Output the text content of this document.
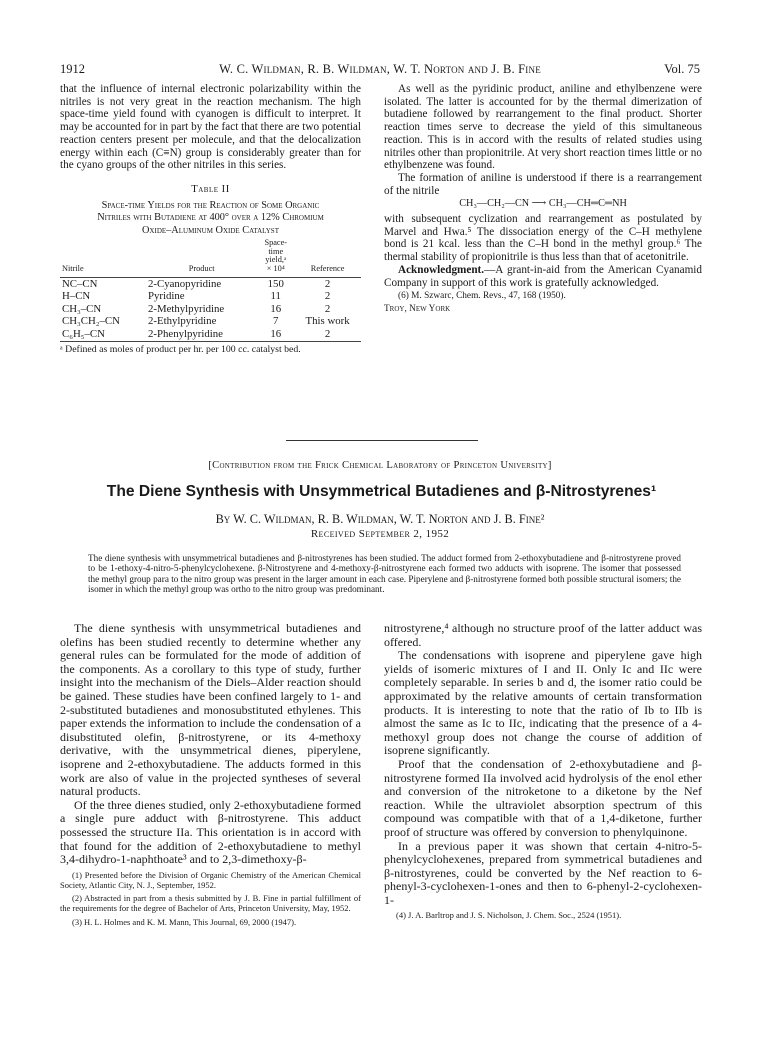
1912	W. C. Wildman, R. B. Wildman, W. T. Norton and J. B. Fine	Vol. 75

that the influence of internal electronic polarizability within the nitriles is not very great in the reaction mechanism. The high space-time yield found with cyanogen is difficult to interpret. It may be accounted for in part by the fact that there are two potential reaction centers present per molecule, and that the delocalization energy within each (C≡N) group is considerably greater than for the cyano groups of the other nitriles in this series.

Table II
Space-time Yields for the Reaction of Some Organic
Nitriles with Butadiene at 400° over a 12% Chromium
Oxide–Aluminum Oxide Catalyst
Nitrile	Product	Space-
time
yield,ᵃ
× 10⁴	Reference
NC–CN	2-Cyanopyridine	150	2
H–CN	Pyridine	11	2
CH₃–CN	2-Methylpyridine	16	2
CH₃CH₂–CN	2-Ethylpyridine	7	This work
C₆H₅–CN	2-Phenylpyridine	16	2
ᵃ Defined as moles of product per hr. per 100 cc. catalyst bed.

As well as the pyridinic product, aniline and ethylbenzene were isolated. The latter is accounted for by the thermal dimerization of butadiene followed by rearrangement to the final product. Shorter reaction times serve to decrease the yield of this simultaneous reaction. This is in accord with the results of related studies using nitriles other than propionitrile. At very short reaction times little or no ethylbenzene was found.

The formation of aniline is understood if there is a rearrangement of the nitrile

CH₃—CH₂—CN ⟶ CH₃—CH═C═NH

with subsequent cyclization and rearrangement as postulated by Marvel and Hwa.⁵ The dissociation energy of the C–H methylene bond is 21 kcal. less than the C–H bond in the methyl group.⁶ The thermal stability of propionitrile is thus less than that of acetonitrile.

Acknowledgment.—A grant-in-aid from the American Cyanamid Company in support of this work is gratefully acknowledged.

(6) M. Szwarc, Chem. Revs., 47, 168 (1950).
Troy, New York
[Contribution from the Frick Chemical Laboratory of Princeton University]
The Diene Synthesis with Unsymmetrical Butadienes and β-Nitrostyrenes¹
By W. C. Wildman, R. B. Wildman, W. T. Norton and J. B. Fine²
Received September 2, 1952
The diene synthesis with unsymmetrical butadienes and β-nitrostyrenes has been studied. The adduct formed from 2-ethoxybutadiene and β-nitrostyrene proved to be 1-ethoxy-4-nitro-5-phenylcyclohexene. β-Nitrostyrene and 4-methoxy-β-nitrostyrene each formed two adducts with isoprene. The isomer that possessed the methyl group para to the nitro group was present in the larger amount in each case. Piperylene and β-nitrostyrene formed both possible structural isomers; the isomer in which the methyl group was ortho to the nitro group was predominant.

The diene synthesis with unsymmetrical butadienes and olefins has been studied recently to determine whether any general rules can be formulated for the mode of addition of the components. As a corollary to this type of study, further insight into the mechanism of the Diels–Alder reaction should be gained. These studies have been confined largely to 1- and 2-substituted butadienes and monosubstituted ethylenes. This paper extends the information to include the condensation of a disubstituted olefin, β-nitrostyrene, or its 4-methoxy derivative, with the unsymmetrical dienes, piperylene, isoprene and 2-ethoxybutadiene. The adducts formed in this work are also of value in the projected syntheses of several natural products.

Of the three dienes studied, only 2-ethoxybutadiene formed a single pure adduct with β-nitrostyrene. This adduct possessed the structure IIa. This orientation is in accord with that found for the addition of 2-ethoxybutadiene to methyl 3,4-dihydro-1-naphthoate³ and to 2,3-dimethoxy-β-

(1) Presented before the Division of Organic Chemistry of the American Chemical Society, Atlantic City, N. J., September, 1952.
(2) Abstracted in part from a thesis submitted by J. B. Fine in partial fulfillment of the requirements for the degree of Bachelor of Arts, Princeton University, May, 1952.
(3) H. L. Holmes and K. M. Mann, This Journal, 69, 2000 (1947).

nitrostyrene,⁴ although no structure proof of the latter adduct was offered.

The condensations with isoprene and piperylene gave high yields of isomeric mixtures of I and II. Only Ic and IIc were completely separable. In series b and d, the isomer ratio could be approximated by the relative amounts of certain transformation products. It is interesting to note that the ratio of Ib to IIb is almost the same as Ic to IIc, indicating that the presence of a 4-methoxyl group does not change the course of addition of isoprene significantly.

Proof that the condensation of 2-ethoxybutadiene and β-nitrostyrene formed IIa involved acid hydrolysis of the enol ether and conversion of the nitroketone to a diketone by the Nef reaction. While the ultraviolet absorption spectrum of this compound was compatible with that of a 1,4-diketone, further proof of structure was offered by conversion to phenylquinone.

In a previous paper it was shown that certain 4-nitro-5-phenylcyclohexenes, prepared from symmetrical butadienes and β-nitrostyrenes, could be converted by the Nef reaction to 6-phenyl-3-cyclohexen-1-ones and then to 6-phenyl-2-cyclohexen-1-

(4) J. A. Barltrop and J. S. Nicholson, J. Chem. Soc., 2524 (1951).
